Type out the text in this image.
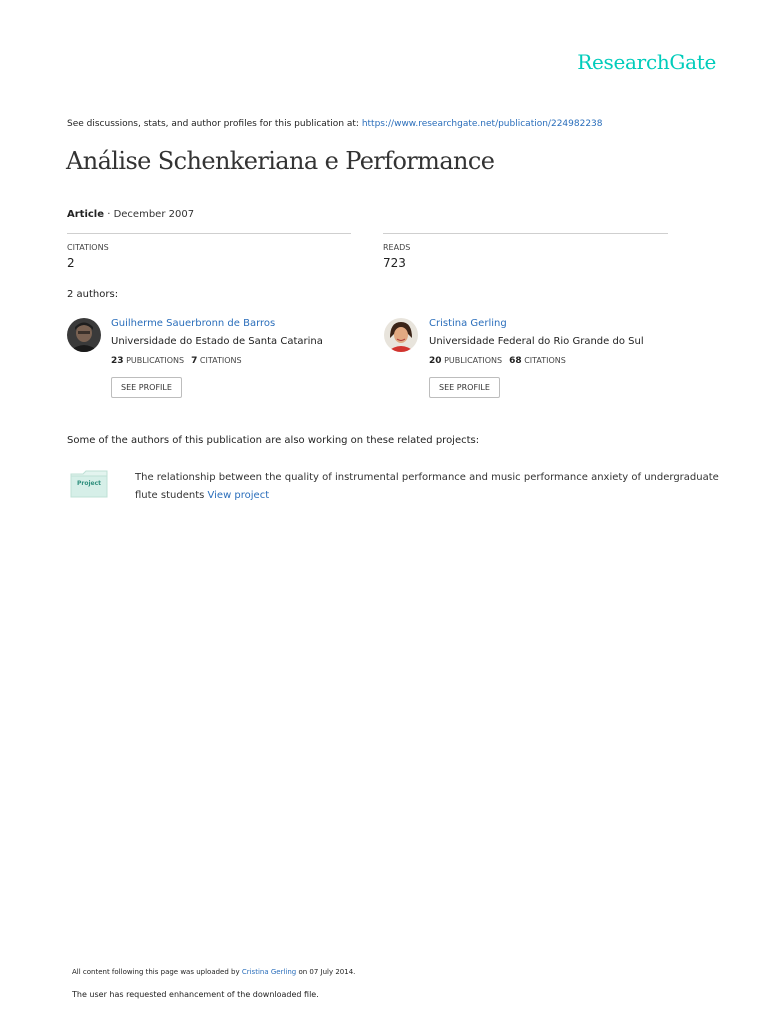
ResearchGate
See discussions, stats, and author profiles for this publication at: https://www.researchgate.net/publication/224982238
Análise Schenkeriana e Performance
Article · December 2007
CITATIONS
2
READS
723
2 authors:
Guilherme Sauerbronn de Barros
Universidade do Estado de Santa Catarina
23 PUBLICATIONS 7 CITATIONS
SEE PROFILE
Cristina Gerling
Universidade Federal do Rio Grande do Sul
20 PUBLICATIONS 68 CITATIONS
SEE PROFILE
Some of the authors of this publication are also working on these related projects:
Project
The relationship between the quality of instrumental performance and music performance anxiety of undergraduate flute students View project
All content following this page was uploaded by Cristina Gerling on 07 July 2014.
The user has requested enhancement of the downloaded file.
